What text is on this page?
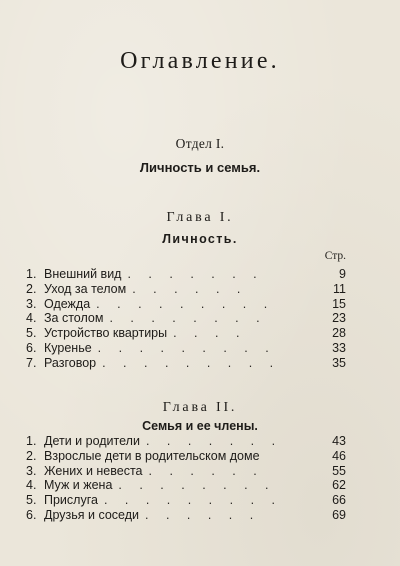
Оглавление.
Отдел I.
Личность и семья.
Глава I.
Личность.
Стр.
1. Внешний вид . . . . . . .	9
2. Уход за телом . . . . . .	11
3. Одежда . . . . . . . . .	15
4. За столом . . . . . . . .	23
5. Устройство квартиры . . . .	28
6. Куренье . . . . . . . . .	33
7. Разговор . . . . . . . . .	35
Глава II.
Семья и ее члены.
1. Дети и родители . . . . . . .	43
2. Взрослые дети в родительском доме	46
3. Жених и невеста . . . . . .	55
4. Муж и жена . . . . . . . .	62
5. Прислуга . . . . . . . . .	66
6. Друзья и соседи . . . . . .	69
